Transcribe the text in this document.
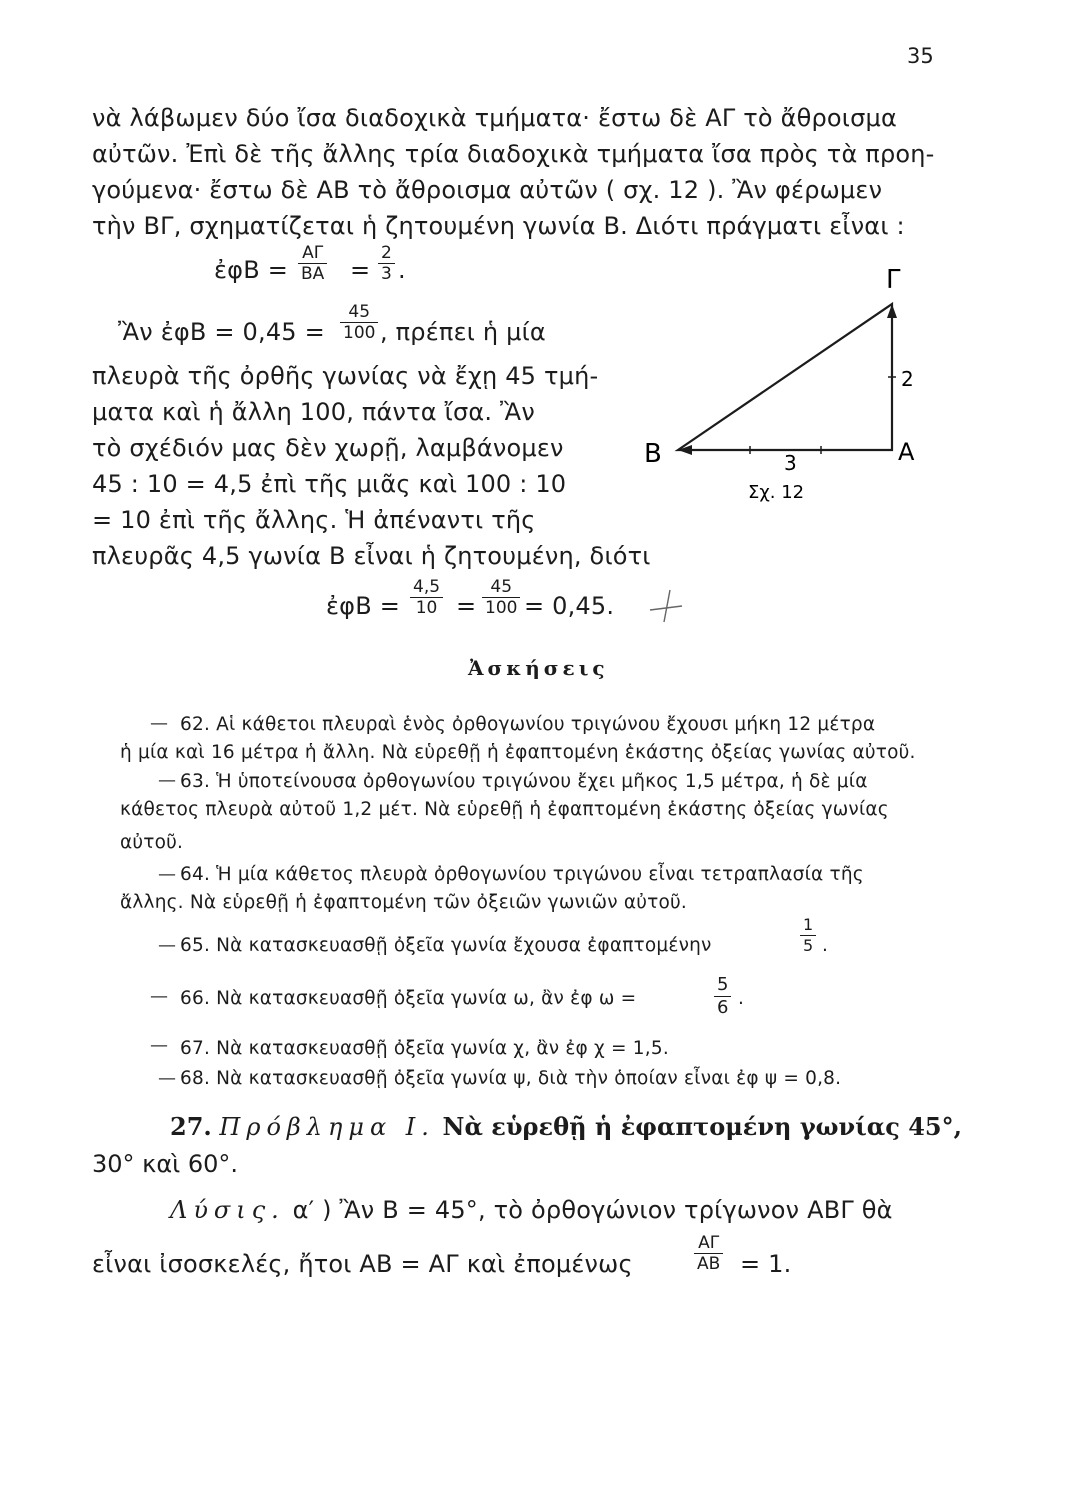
35
νὰ λάβωμεν δύο ἴσα διαδοχικὰ τμήματα· ἔστω δὲ ΑΓ τὸ ἄθροισμα
αὐτῶν. Ἐπὶ δὲ τῆς ἄλλης τρία διαδοχικὰ τμήματα ἴσα πρὸς τὰ προη-
γούμενα· ἔστω δὲ ΑΒ τὸ ἄθροισμα αὐτῶν ( σχ. 12 ). Ἂν φέρωμεν
τὴν ΒΓ, σχηματίζεται ἡ ζητουμένη γωνία Β. Διότι πράγματι εἶναι :
ἐφΒ =
ΑΓ
ΒΑ =
2
3 .
Ἂν ἐφΒ = 0,45 =
45
100 , πρέπει ἡ μία
πλευρὰ τῆς ὀρθῆς γωνίας νὰ ἔχῃ 45 τμή-
ματα καὶ ἡ ἄλλη 100, πάντα ἴσα. Ἂν
τὸ σχέδιόν μας δὲν χωρῇ, λαμβάνομεν
45 : 10 = 4,5 ἐπὶ τῆς μιᾶς καὶ 100 : 10
= 10 ἐπὶ τῆς ἄλλης. Ἡ ἀπέναντι τῆς
πλευρᾶς 4,5 γωνία Β εἶναι ἡ ζητουμένη, διότι
ἐφΒ =
4,5
10 =
45
100 = 0,45.
Γ
Β	Α
2
3
Σχ. 12
Ἀσκήσεις
— 62. Αἱ κάθετοι πλευραὶ ἑνὸς ὀρθογωνίου τριγώνου ἔχουσι μήκη 12 μέτρα
ἡ μία καὶ 16 μέτρα ἡ ἄλλη. Νὰ εὑρεθῇ ἡ ἐφαπτομένη ἑκάστης ὀξείας γωνίας αὐτοῦ.
— 63. Ἡ ὑποτείνουσα ὀρθογωνίου τριγώνου ἔχει μῆκος 1,5 μέτρα, ἡ δὲ μία
κάθετος πλευρὰ αὐτοῦ 1,2 μέτ. Νὰ εὑρεθῇ ἡ ἐφαπτομένη ἑκάστης ὀξείας γωνίας
αὐτοῦ.
— 64. Ἡ μία κάθετος πλευρὰ ὀρθογωνίου τριγώνου εἶναι τετραπλασία τῆς
ἄλλης. Νὰ εὑρεθῇ ἡ ἐφαπτομένη τῶν ὀξειῶν γωνιῶν αὐτοῦ.
— 65. Νὰ κατασκευασθῇ ὀξεῖα γωνία ἔχουσα ἐφαπτομένην
1
5 .
— 66. Νὰ κατασκευασθῇ ὀξεῖα γωνία ω, ἂν ἐφ ω =
5
6 .
— 67. Νὰ κατασκευασθῇ ὀξεῖα γωνία χ, ἂν ἐφ χ = 1,5.
— 68. Νὰ κατασκευασθῇ ὀξεῖα γωνία ψ, διὰ τὴν ὁποίαν εἶναι ἐφ ψ = 0,8.
27. Πρόβλημα Ι. Νὰ εὑρεθῇ ἡ ἐφαπτομένη γωνίας 45°,
30° καὶ 60°.
Λύσις. α′ ) Ἂν Β = 45°, τὸ ὀρθογώνιον τρίγωνον ΑΒΓ θὰ
εἶναι ἰσοσκελές, ἤτοι ΑΒ = ΑΓ καὶ ἐπομένως
ΑΓ
ΑΒ = 1.
